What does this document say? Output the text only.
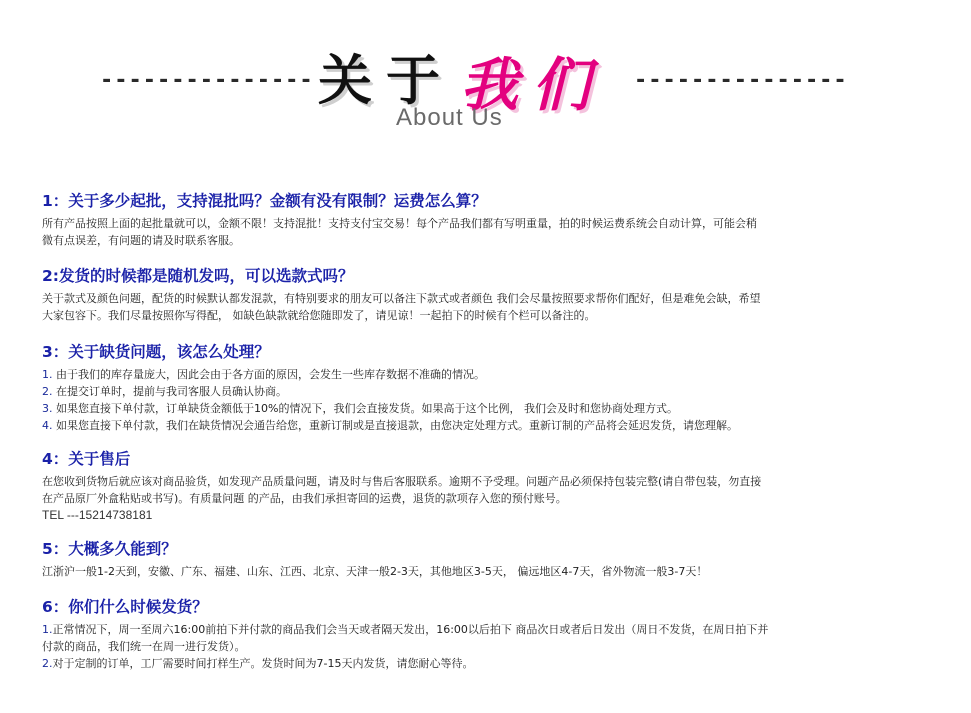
--------------- 关于 我们 ---------------
About Us
1：关于多少起批，支持混批吗？金额有没有限制？运费怎么算？

所有产品按照上面的起批量就可以，金额不限！支持混批！支持支付宝交易！每个产品我们都有写明重量，拍的时候运费系统会自动计算，可能会稍

微有点误差，有问题的请及时联系客服。

2:发货的时候都是随机发吗，可以选款式吗？

关于款式及颜色问题，配货的时候默认都发混款，有特别要求的朋友可以备注下款式或者颜色 我们会尽量按照要求帮你们配好，但是难免会缺，希望

大家包容下。我们尽量按照你写得配， 如缺色缺款就给您随即发了，请见谅！一起拍下的时候有个栏可以备注的。

3：关于缺货问题，该怎么处理？

1. 由于我们的库存量庞大，因此会由于各方面的原因，会发生一些库存数据不准确的情况。

2. 在提交订单时，提前与我司客服人员确认协商。

3. 如果您直接下单付款，订单缺货金额低于10%的情况下，我们会直接发货。如果高于这个比例， 我们会及时和您协商处理方式。

4. 如果您直接下单付款，我们在缺货情况会通告给您，重新订制或是直接退款，由您决定处理方式。重新订制的产品将会延迟发货，请您理解。

4：关于售后

在您收到货物后就应该对商品验货，如发现产品质量问题，请及时与售后客服联系。逾期不予受理。问题产品必须保持包装完整(请自带包装，勿直接

在产品原厂外盒粘贴或书写)。有质量问题 的产品，由我们承担寄回的运费，退货的款项存入您的预付账号。

TEL ---15214738181

5：大概多久能到？

江浙沪一般1-2天到，安徽、广东、福建、山东、江西、北京、天津一般2-3天，其他地区3-5天， 偏远地区4-7天，省外物流一般3-7天！

6：你们什么时候发货？

1.正常情况下，周一至周六16:00前拍下并付款的商品我们会当天或者隔天发出，16:00以后拍下 商品次日或者后日发出（周日不发货，在周日拍下并

付款的商品，我们统一在周一进行发货）。

2.对于定制的订单，工厂需要时间打样生产。发货时间为7-15天内发货，请您耐心等待。
